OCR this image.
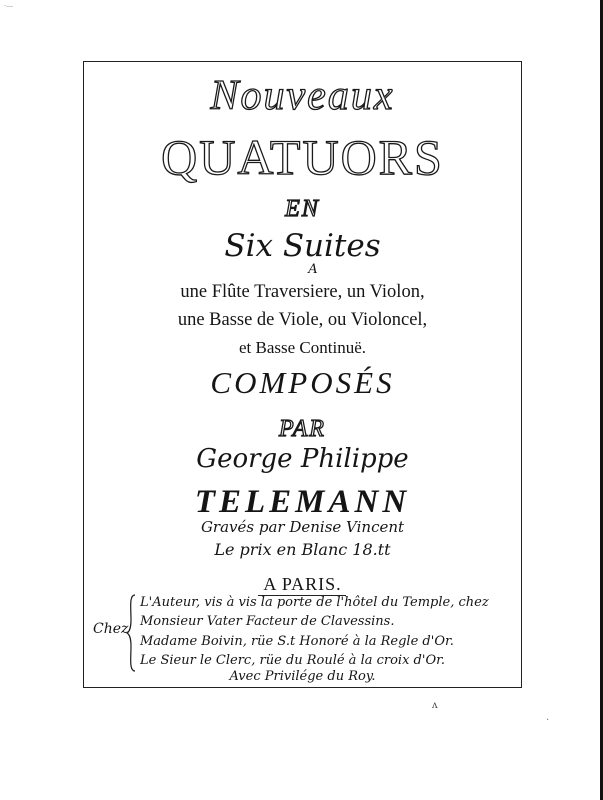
·—
Nouveaux
QUATUORS
EN
Six Suites
A
une Flûte Traversiere, un Violon,
une Basse de Viole, ou Violoncel,
et Basse Continuë.
COMPOSÉS
PAR
George Philippe
TELEMANN
Gravés par Denise Vincent
Le prix en Blanc 18.tt
A PARIS.
Chez
L'Auteur, vis à vis la porte de l'hôtel du Temple, chez
Monsieur Vater Facteur de Clavessins.
Madame Boivin, rüe S.t Honoré à la Regle d'Or.
Le Sieur le Clerc, rüe du Roulé à la croix d'Or.
Avec Privilége du Roy.
ʌ
·
